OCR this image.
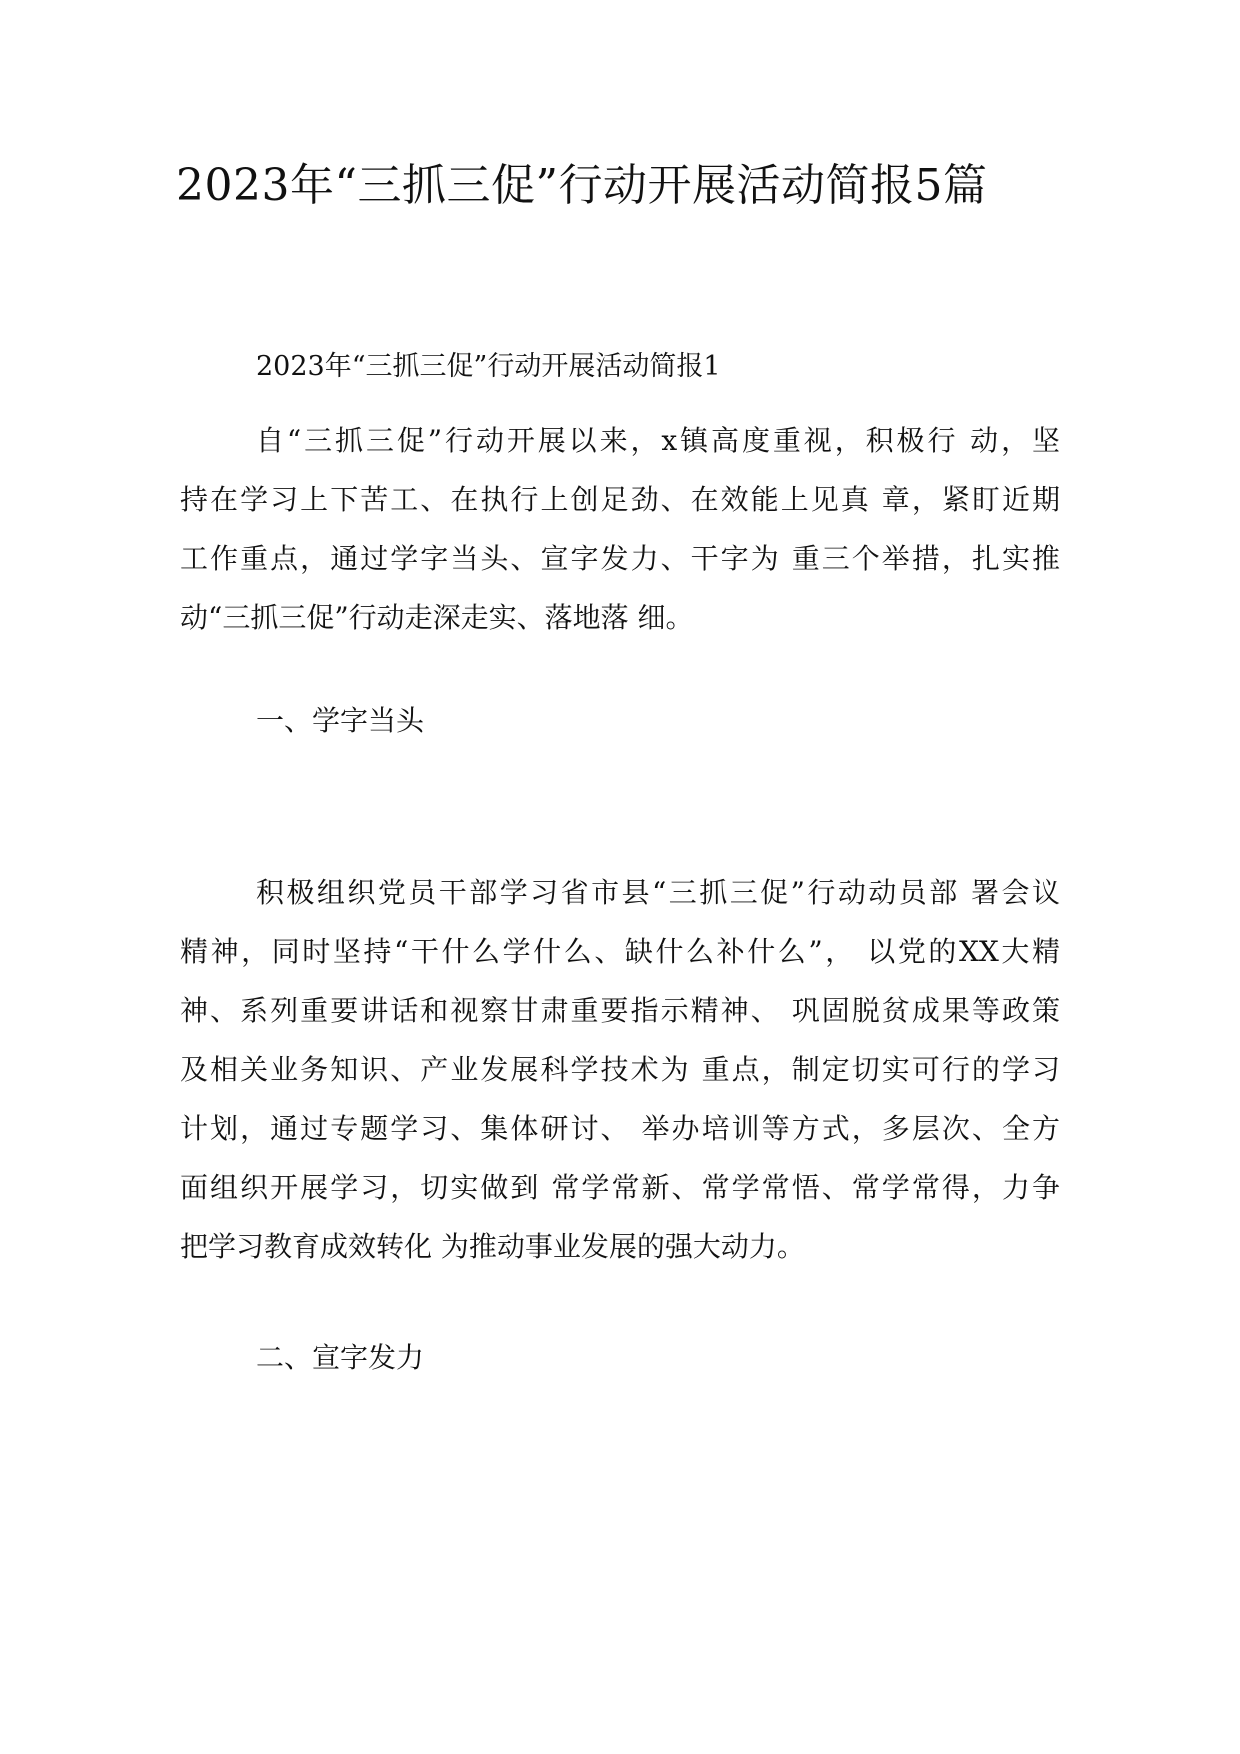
2023年“三抓三促”行动开展活动简报5篇
2023年“三抓三促”行动开展活动简报1
自“三抓三促”行动开展以来，x镇高度重视，积极行 动，坚
持在学习上下苦工、在执行上创足劲、在效能上见真 章，紧盯近期
工作重点，通过学字当头、宣字发力、干字为 重三个举措，扎实推
动“三抓三促”行动走深走实、落地落 细。
一、学字当头
积极组织党员干部学习省市县“三抓三促”行动动员部 署会议
精神，同时坚持“干什么学什么、缺什么补什么”， 以党的XX大精
神、系列重要讲话和视察甘肃重要指示精神、 巩固脱贫成果等政策
及相关业务知识、产业发展科学技术为 重点，制定切实可行的学习
计划，通过专题学习、集体研讨、 举办培训等方式，多层次、全方
面组织开展学习，切实做到 常学常新、常学常悟、常学常得，力争
把学习教育成效转化 为推动事业发展的强大动力。
二、宣字发力
